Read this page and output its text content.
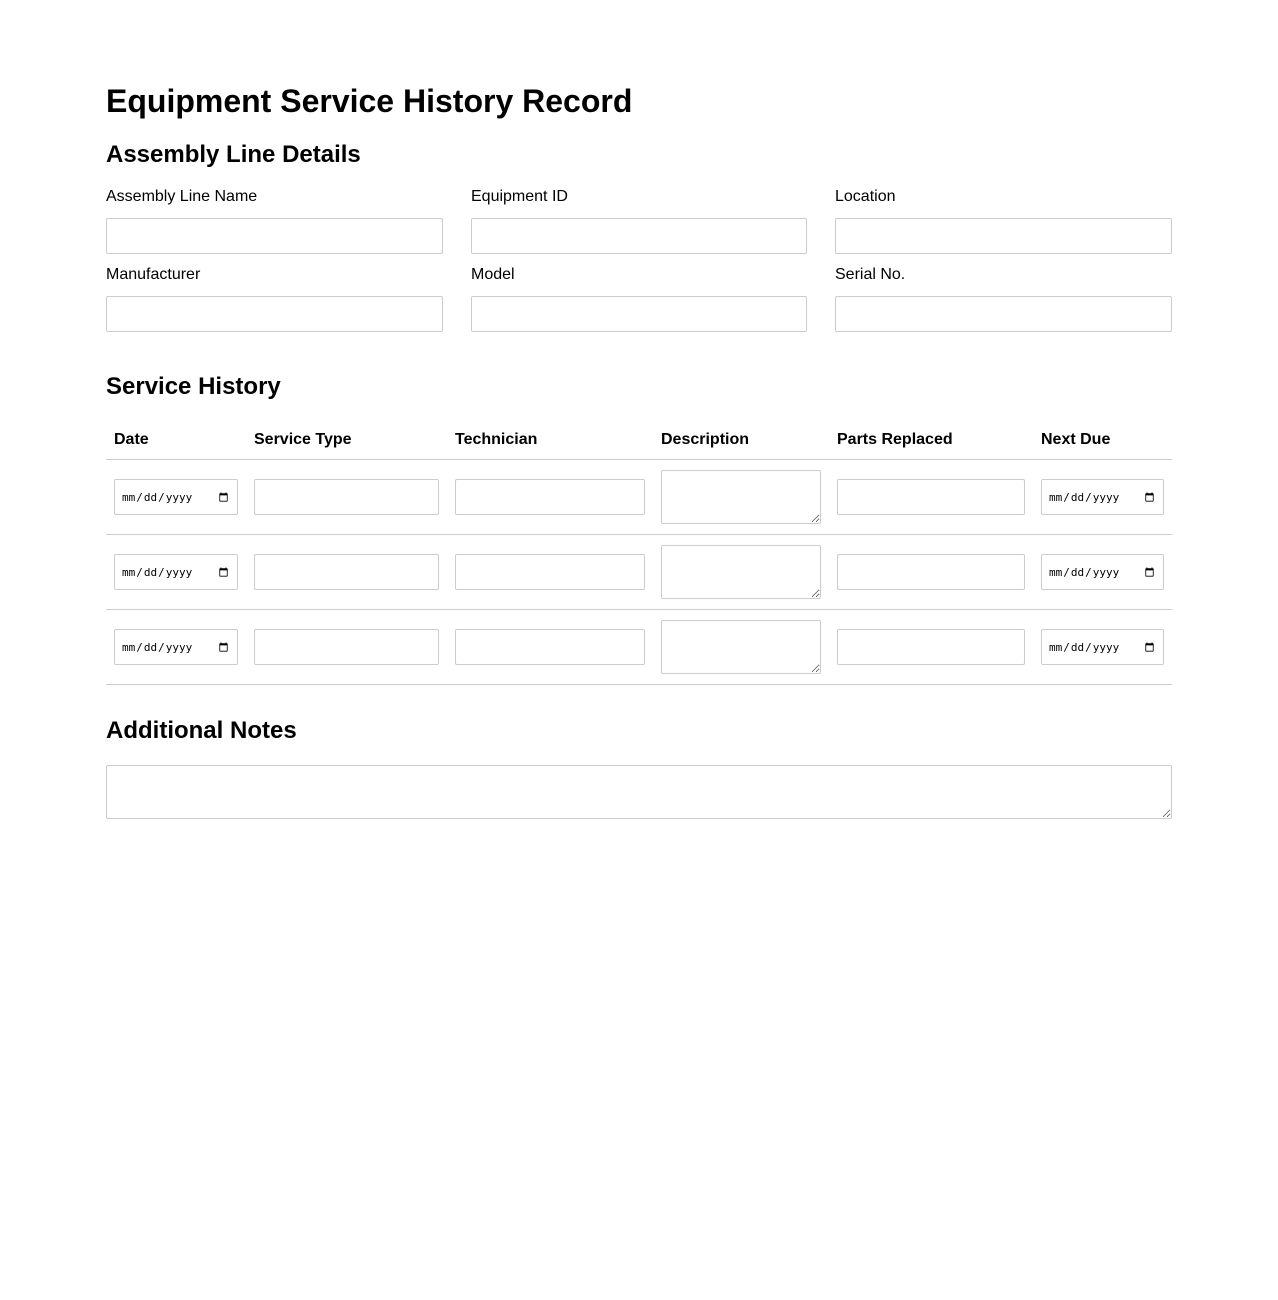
Equipment Service History Record
Assembly Line Details
Assembly Line Name	Equipment ID	Location
Manufacturer	Model	Serial No.
Service History
Date	Service Type	Technician	Description	Parts Replaced	Next Due

Additional Notes
